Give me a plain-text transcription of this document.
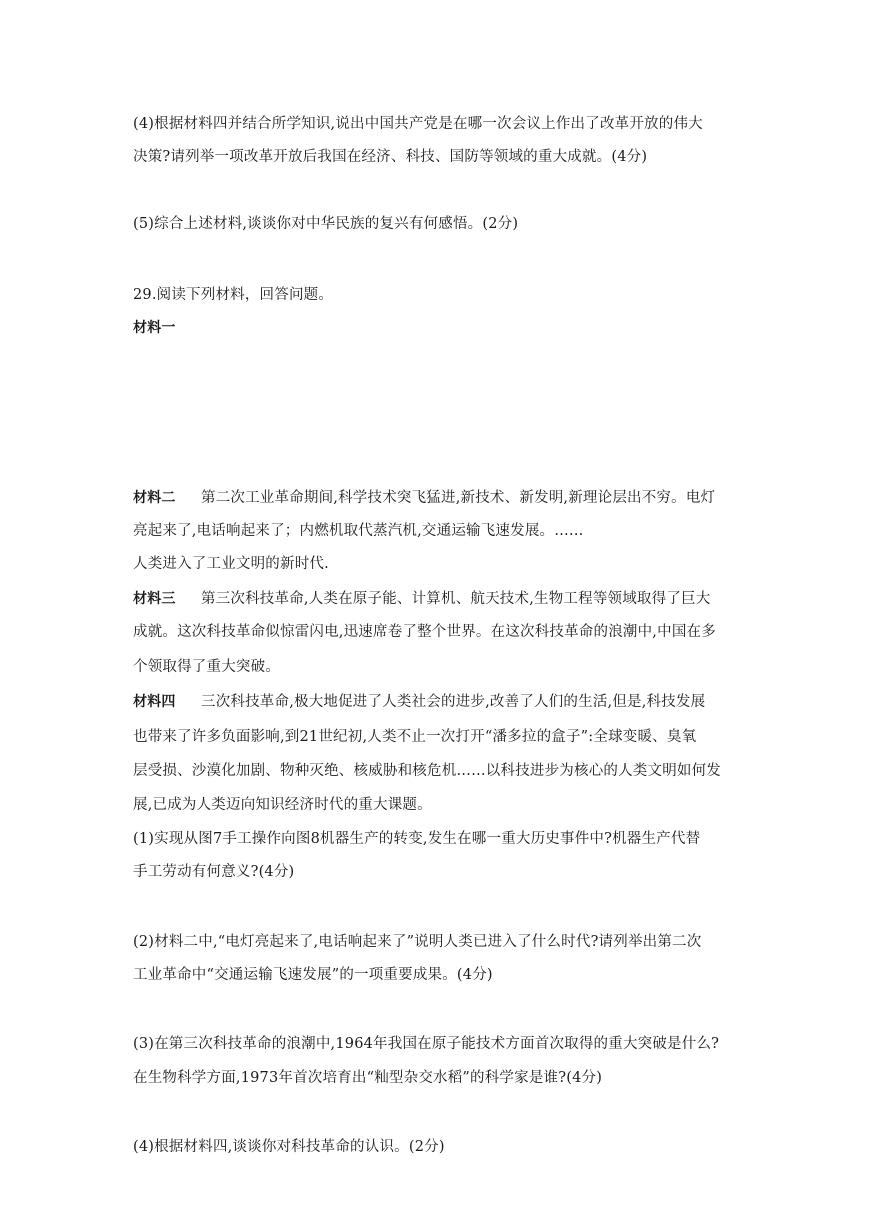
(4)根据材料四并结合所学知识,说出中国共产党是在哪一次会议上作出了改革开放的伟大
决策?请列举一项改革开放后我国在经济、科技、国防等领域的重大成就。(4分)
(5)综合上述材料,谈谈你对中华民族的复兴有何感悟。(2分)
29.阅读下列材料，回答问题。
材料一
材料二 第二次工业革命期间,科学技术突飞猛进,新技术、新发明,新理论层出不穷。电灯
亮起来了,电话响起来了；内燃机取代蒸汽机,交通运输飞速发展。……
人类进入了工业文明的新时代.
材料三 第三次科技革命,人类在原子能、计算机、航天技术,生物工程等领域取得了巨大
成就。这次科技革命似惊雷闪电,迅速席卷了整个世界。在这次科技革命的浪潮中,中国在多
个领取得了重大突破。
材料四 三次科技革命,极大地促进了人类社会的进步,改善了人们的生活,但是,科技发展
也带来了许多负面影响,到21世纪初,人类不止一次打开“潘多拉的盒子”:全球变暖、臭氧
层受损、沙漠化加剧、物种灭绝、核威胁和核危机……以科技进步为核心的人类文明如何发
展,已成为人类迈向知识经济时代的重大课题。
(1)实现从图7手工操作向图8机器生产的转变,发生在哪一重大历史事件中?机器生产代替
手工劳动有何意义?(4分)
(2)材料二中,“电灯亮起来了,电话响起来了”说明人类已进入了什么时代?请列举出第二次
工业革命中“交通运输飞速发展”的一项重要成果。(4分)
(3)在第三次科技革命的浪潮中,1964年我国在原子能技术方面首次取得的重大突破是什么?
在生物科学方面,1973年首次培育出“籼型杂交水稻”的科学家是谁?(4分)
(4)根据材料四,谈谈你对科技革命的认识。(2分)
